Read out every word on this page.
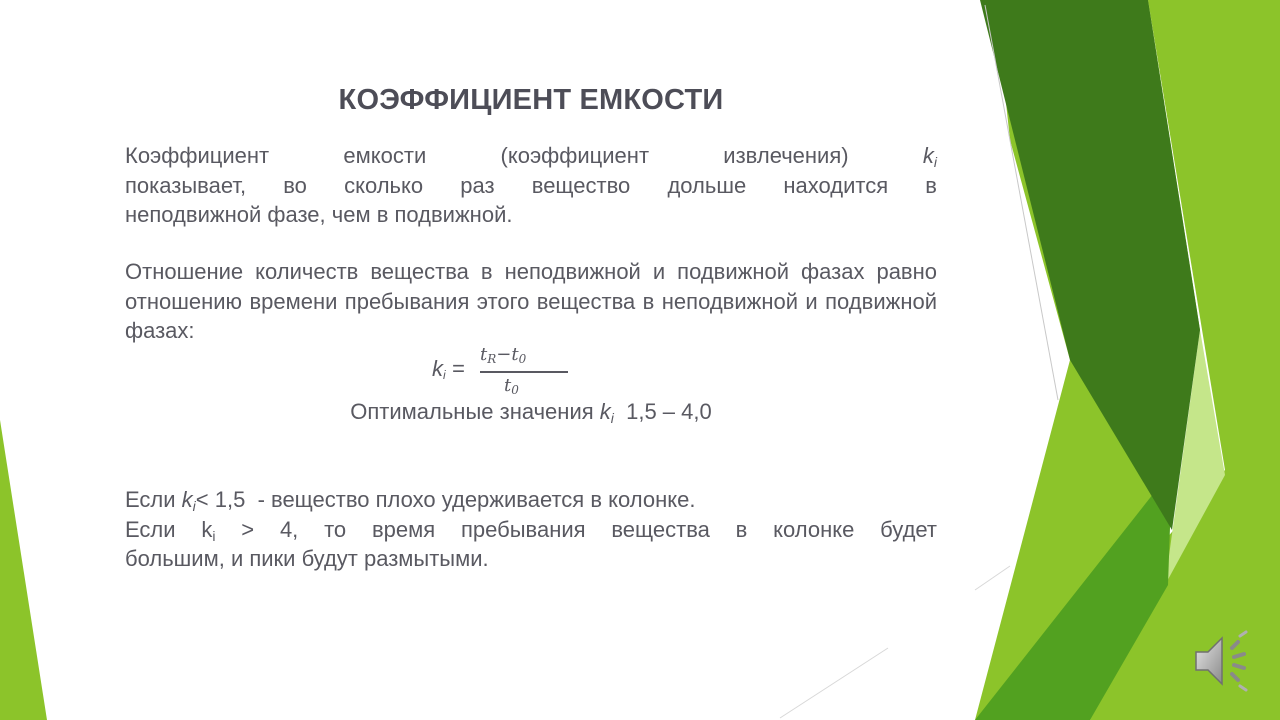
КОЭФФИЦИЕНТ ЕМКОСТИ
Коэффициент емкости (коэффициент извлечения) $k_i$
показывает, во сколько раз вещество дольше находится в
неподвижной фазе, чем в подвижной.
Отношение количеств вещества в неподвижной и подвижной фазах равно отношению времени пребывания этого вещества в неподвижной и подвижной фазах:
$k_i$ =
$t_R-t_0$
$t_0$
Оптимальные значения $k_i$  1,5 – 4,0
Если $k_i< 1,5$  - вещество плохо удерживается в колонке.
Если $k_i > 4$, то время пребывания вещества в колонке будет
большим, и пики будут размытыми.
